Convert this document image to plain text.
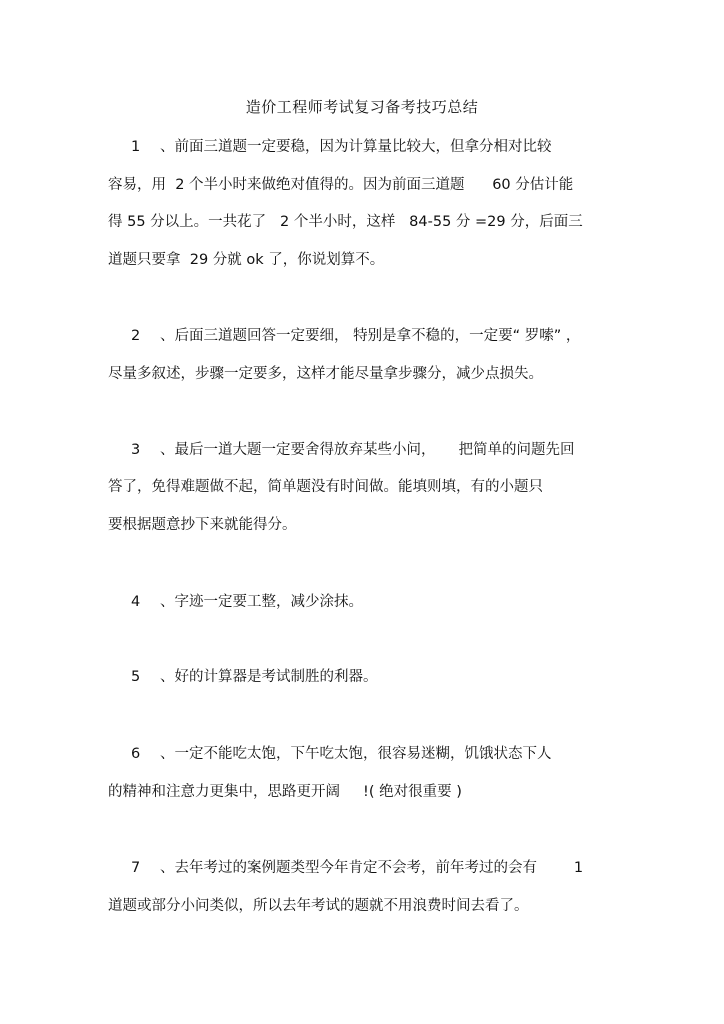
造价工程师考试复习备考技巧总结
1 、前面三道题一定要稳，因为计算量比较大，但拿分相对比较
容易，用  2 个半小时来做绝对值得的。因为前面三道题      60 分估计能
得 55 分以上。一共花了   2 个半小时，这样   84-55 分 =29 分，后面三
道题只要拿  29 分就 ok 了，你说划算不。
2 、后面三道题回答一定要细， 特别是拿不稳的，一定要“ 罗嗦” ，
尽量多叙述，步骤一定要多，这样才能尽量拿步骤分，减少点损失。
3 、最后一道大题一定要舍得放弃某些小问，     把简单的问题先回
答了，免得难题做不起，简单题没有时间做。能填则填，有的小题只
要根据题意抄下来就能得分。
4 、字迹一定要工整，减少涂抹。
5 、好的计算器是考试制胜的利器。
6 、一定不能吃太饱，下午吃太饱，很容易迷糊，饥饿状态下人
的精神和注意力更集中，思路更开阔     !( 绝对很重要 )
7 、去年考过的案例题类型今年肯定不会考，前年考过的会有        1
道题或部分小问类似，所以去年考试的题就不用浪费时间去看了。
